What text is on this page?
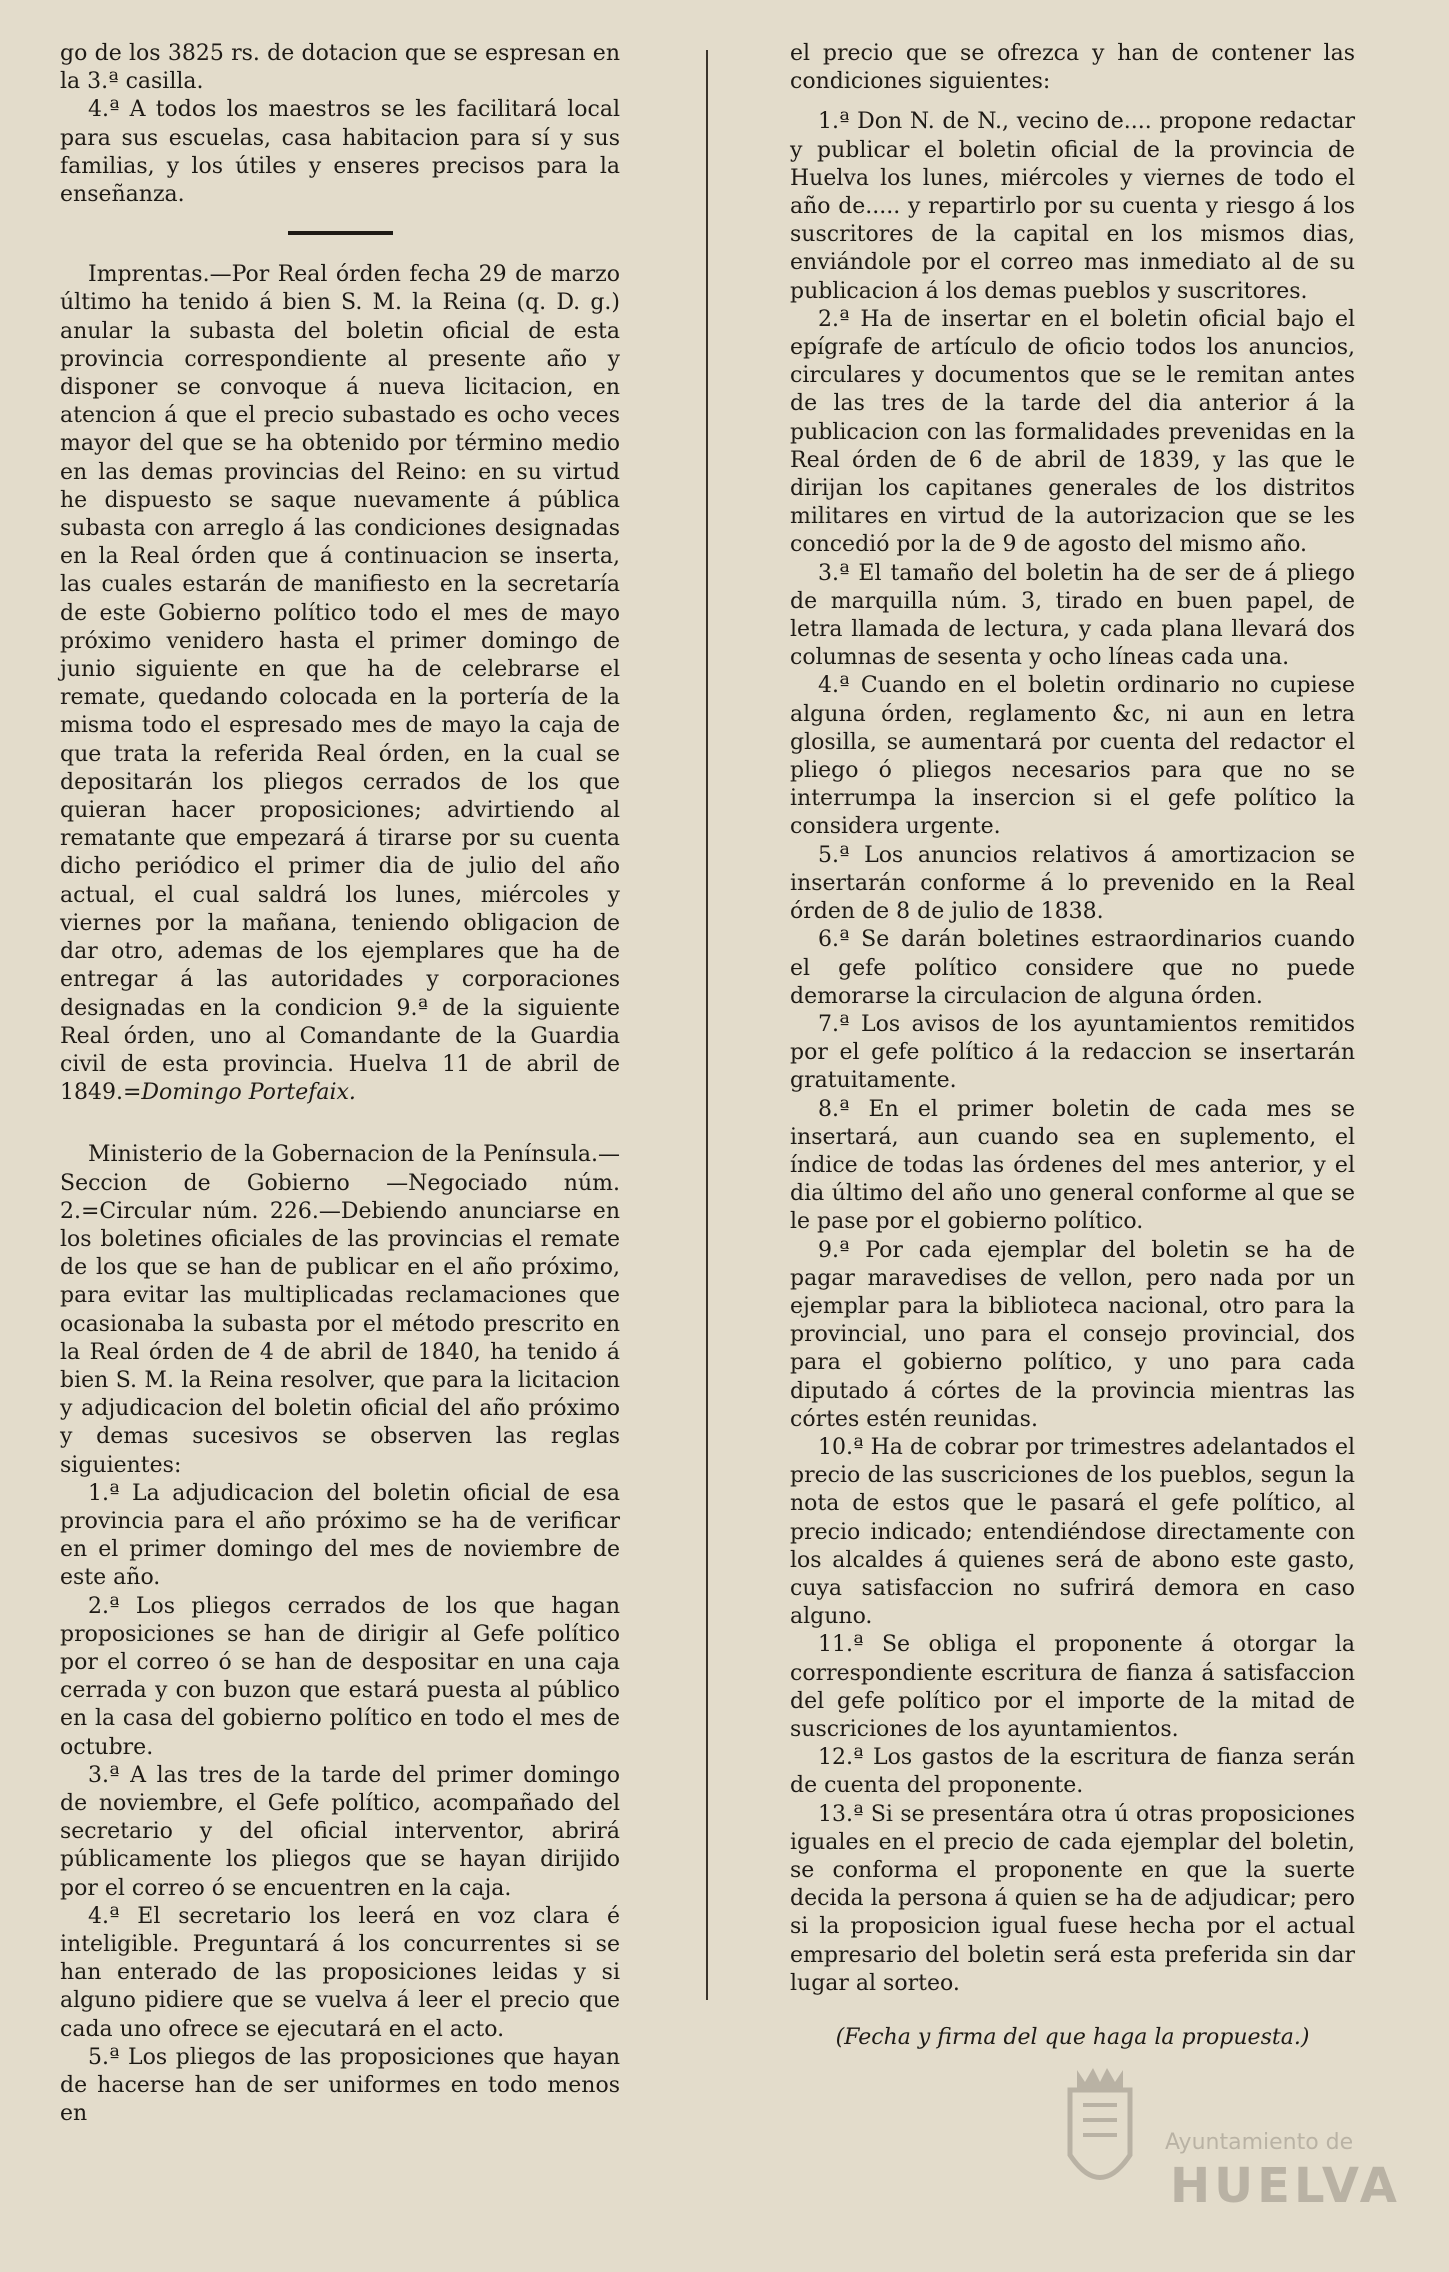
go de los 3825 rs. de dotacion que se espresan en la 3.ª casilla.

4.ª A todos los maestros se les facilitará local para sus escuelas, casa habitacion para sí y sus familias, y los útiles y enseres precisos para la enseñanza.

Imprentas.—Por Real órden fecha 29 de marzo último ha tenido á bien S. M. la Reina (q. D. g.) anular la subasta del boletin oficial de esta provincia correspondiente al presente año y disponer se convoque á nueva licitacion, en atencion á que el precio subastado es ocho veces mayor del que se ha obtenido por término medio en las demas provincias del Reino: en su virtud he dispuesto se saque nuevamente á pública subasta con arreglo á las condiciones designadas en la Real órden que á continuacion se inserta, las cuales estarán de manifiesto en la secretaría de este Gobierno político todo el mes de mayo próximo venidero hasta el primer domingo de junio siguiente en que ha de celebrarse el remate, quedando colocada en la portería de la misma todo el espresado mes de mayo la caja de que trata la referida Real órden, en la cual se depositarán los pliegos cerrados de los que quieran hacer proposiciones; advirtiendo al rematante que empezará á tirarse por su cuenta dicho periódico el primer dia de julio del año actual, el cual saldrá los lunes, miércoles y viernes por la mañana, teniendo obligacion de dar otro, ademas de los ejemplares que ha de entregar á las autoridades y corporaciones designadas en la condicion 9.ª de la siguiente Real órden, uno al Comandante de la Guardia civil de esta provincia. Huelva 11 de abril de 1849.=Domingo Portefaix.

Ministerio de la Gobernacion de la Península.—Seccion de Gobierno —Negociado núm. 2.=Circular núm. 226.—Debiendo anunciarse en los boletines oficiales de las provincias el remate de los que se han de publicar en el año próximo, para evitar las multiplicadas reclamaciones que ocasionaba la subasta por el método prescrito en la Real órden de 4 de abril de 1840, ha tenido á bien S. M. la Reina resolver, que para la licitacion y adjudicacion del boletin oficial del año próximo y demas sucesivos se observen las reglas siguientes:

1.ª La adjudicacion del boletin oficial de esa provincia para el año próximo se ha de verificar en el primer domingo del mes de noviembre de este año.

2.ª Los pliegos cerrados de los que hagan proposiciones se han de dirigir al Gefe político por el correo ó se han de despositar en una caja cerrada y con buzon que estará puesta al público en la casa del gobierno político en todo el mes de octubre.

3.ª A las tres de la tarde del primer domingo de noviembre, el Gefe político, acompañado del secretario y del oficial interventor, abrirá públicamente los pliegos que se hayan dirijido por el correo ó se encuentren en la caja.

4.ª El secretario los leerá en voz clara é inteligible. Preguntará á los concurrentes si se han enterado de las proposiciones leidas y si alguno pidiere que se vuelva á leer el precio que cada uno ofrece se ejecutará en el acto.

5.ª Los pliegos de las proposiciones que hayan de hacerse han de ser uniformes en todo menos en

el precio que se ofrezca y han de contener las condiciones siguientes:

1.ª Don N. de N., vecino de.... propone redactar y publicar el boletin oficial de la provincia de Huelva los lunes, miércoles y viernes de todo el año de..... y repartirlo por su cuenta y riesgo á los suscritores de la capital en los mismos dias, enviándole por el correo mas inmediato al de su publicacion á los demas pueblos y suscritores.

2.ª Ha de insertar en el boletin oficial bajo el epígrafe de artículo de oficio todos los anuncios, circulares y documentos que se le remitan antes de las tres de la tarde del dia anterior á la publicacion con las formalidades prevenidas en la Real órden de 6 de abril de 1839, y las que le dirijan los capitanes generales de los distritos militares en virtud de la autorizacion que se les concedió por la de 9 de agosto del mismo año.

3.ª El tamaño del boletin ha de ser de á pliego de marquilla núm. 3, tirado en buen papel, de letra llamada de lectura, y cada plana llevará dos columnas de sesenta y ocho líneas cada una.

4.ª Cuando en el boletin ordinario no cupiese alguna órden, reglamento &c, ni aun en letra glosilla, se aumentará por cuenta del redactor el pliego ó pliegos necesarios para que no se interrumpa la insercion si el gefe político la considera urgente.

5.ª Los anuncios relativos á amortizacion se insertarán conforme á lo prevenido en la Real órden de 8 de julio de 1838.

6.ª Se darán boletines estraordinarios cuando el gefe político considere que no puede demorarse la circulacion de alguna órden.

7.ª Los avisos de los ayuntamientos remitidos por el gefe político á la redaccion se insertarán gratuitamente.

8.ª En el primer boletin de cada mes se insertará, aun cuando sea en suplemento, el índice de todas las órdenes del mes anterior, y el dia último del año uno general conforme al que se le pase por el gobierno político.

9.ª Por cada ejemplar del boletin se ha de pagar maravedises de vellon, pero nada por un ejemplar para la biblioteca nacional, otro para la provincial, uno para el consejo provincial, dos para el gobierno político, y uno para cada diputado á córtes de la provincia mientras las córtes estén reunidas.

10.ª Ha de cobrar por trimestres adelantados el precio de las suscriciones de los pueblos, segun la nota de estos que le pasará el gefe político, al precio indicado; entendiéndose directamente con los alcaldes á quienes será de abono este gasto, cuya satisfaccion no sufrirá demora en caso alguno.

11.ª Se obliga el proponente á otorgar la correspondiente escritura de fianza á satisfaccion del gefe político por el importe de la mitad de suscriciones de los ayuntamientos.

12.ª Los gastos de la escritura de fianza serán de cuenta del proponente.

13.ª Si se presentára otra ú otras proposiciones iguales en el precio de cada ejemplar del boletin, se conforma el proponente en que la suerte decida la persona á quien se ha de adjudicar; pero si la proposicion igual fuese hecha por el actual empresario del boletin será esta preferida sin dar lugar al sorteo.

(Fecha y firma del que haga la propuesta.)

Ayuntamiento de
HUELVA
